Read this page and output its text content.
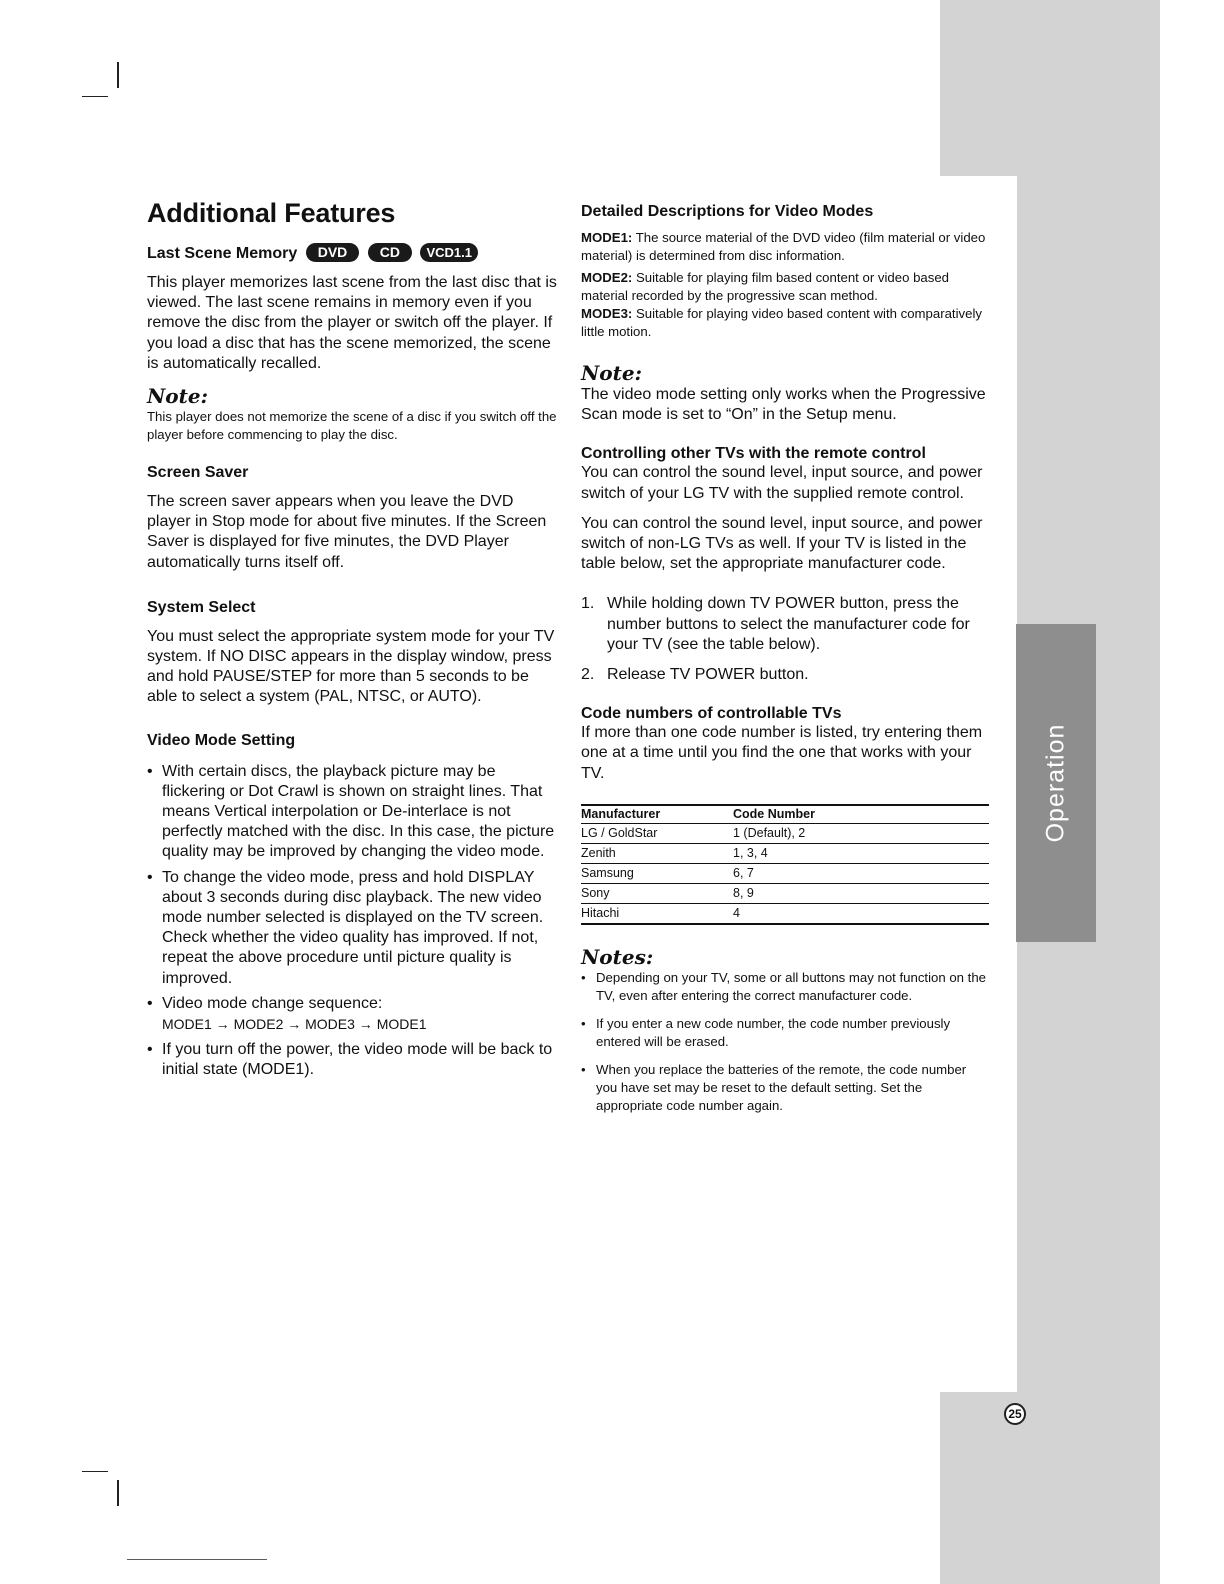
Operation
25
Additional Features
Last Scene Memory DVD CD VCD1.1

This player memorizes last scene from the last disc that is viewed. The last scene remains in memory even if you remove the disc from the player or switch off the player. If you load a disc that has the scene memorized, the scene is automatically recalled.

Note:

This player does not memorize the scene of a disc if you switch off the player before commencing to play the disc.

Screen Saver

The screen saver appears when you leave the DVD player in Stop mode for about five minutes. If the Screen Saver is displayed for five minutes, the DVD Player automatically turns itself off.

System Select

You must select the appropriate system mode for your TV system. If NO DISC appears in the display window, press and hold PAUSE/STEP for more than 5 seconds to be able to select a system (PAL, NTSC, or AUTO).

Video Mode Setting
• With certain discs, the playback picture may be flickering or Dot Crawl is shown on straight lines. That means Vertical interpolation or De-interlace is not perfectly matched with the disc. In this case, the picture quality may be improved by changing the video mode.
• To change the video mode, press and hold DISPLAY about 3 seconds during disc playback. The new video mode number selected is displayed on the TV screen. Check whether the video quality has improved. If not, repeat the above procedure until picture quality is improved.
• Video mode change sequence:
MODE1 → MODE2 → MODE3 → MODE1
• If you turn off the power, the video mode will be back to initial state (MODE1).
Detailed Descriptions for Video Modes

MODE1: The source material of the DVD video (film material or video material) is determined from disc information.

MODE2: Suitable for playing film based content or video based material recorded by the progressive scan method.

MODE3: Suitable for playing video based content with comparatively little motion.

Note:

The video mode setting only works when the Progressive Scan mode is set to “On” in the Setup menu.

Controlling other TVs with the remote control

You can control the sound level, input source, and power switch of your LG TV with the supplied remote control.

You can control the sound level, input source, and power switch of non-LG TVs as well. If your TV is listed in the table below, set the appropriate manufacturer code.

1. While holding down TV POWER button, press the number buttons to select the manufacturer code for your TV (see the table below).
2. Release TV POWER button.
Code numbers of controllable TVs

If more than one code number is listed, try entering them one at a time until you find the one that works with your TV.

Manufacturer	Code Number
LG / GoldStar	1 (Default), 2
Zenith	1, 3, 4
Samsung	6, 7
Sony	8, 9
Hitachi	4

Notes:

• Depending on your TV, some or all buttons may not function on the TV, even after entering the correct manufacturer code.
• If you enter a new code number, the code number previously entered will be erased.
• When you replace the batteries of the remote, the code number you have set may be reset to the default setting. Set the appropriate code number again.
